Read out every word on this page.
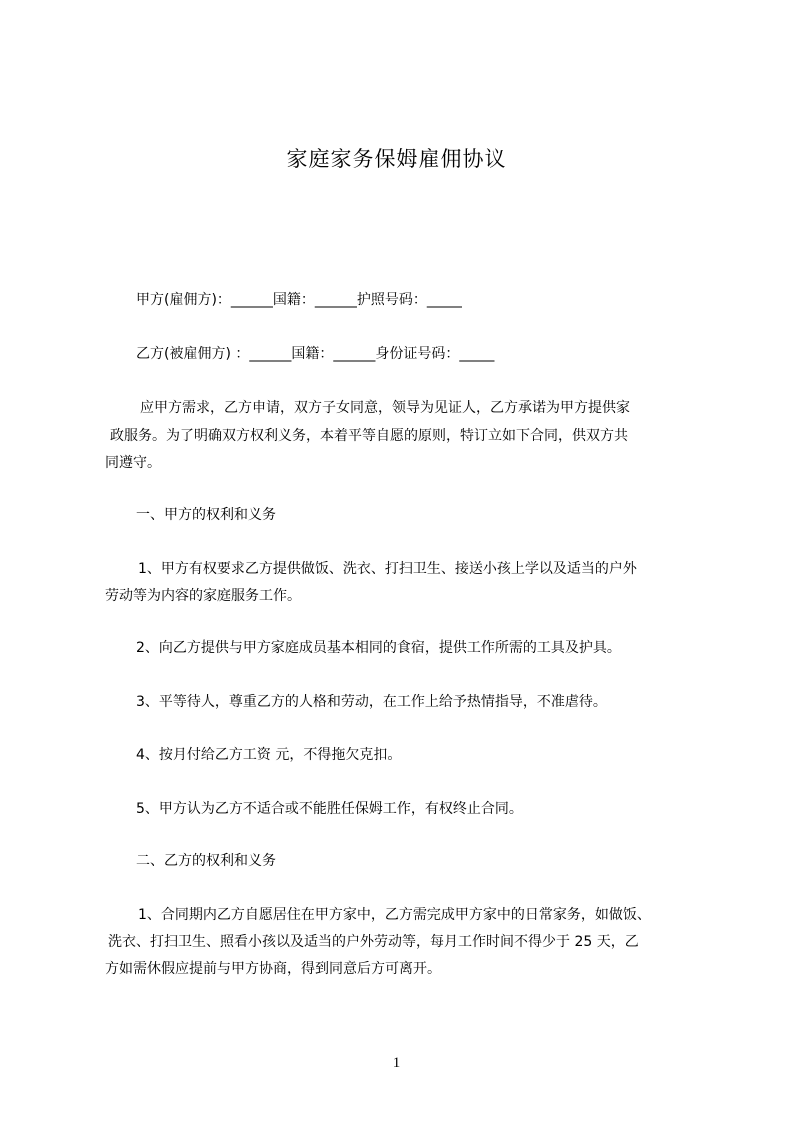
家庭家务保姆雇佣协议
甲方(雇佣方)：______国籍：______护照号码：_____
乙方(被雇佣方) ：______国籍：______身份证号码：_____
应甲方需求，乙方申请，双方子女同意，领导为见证人，乙方承诺为甲方提供家
政服务。为了明确双方权利义务，本着平等自愿的原则，特订立如下合同，供双方共
同遵守。
一、甲方的权利和义务
1、甲方有权要求乙方提供做饭、洗衣、打扫卫生、接送小孩上学以及适当的户外
劳动等为内容的家庭服务工作。
2、向乙方提供与甲方家庭成员基本相同的食宿，提供工作所需的工具及护具。
3、平等待人，尊重乙方的人格和劳动，在工作上给予热情指导，不准虐待。
4、按月付给乙方工资 元，不得拖欠克扣。
5、甲方认为乙方不适合或不能胜任保姆工作，有权终止合同。
二、乙方的权利和义务
1、合同期内乙方自愿居住在甲方家中，乙方需完成甲方家中的日常家务，如做饭、
洗衣、打扫卫生、照看小孩以及适当的户外劳动等，每月工作时间不得少于 25 天，乙
方如需休假应提前与甲方协商，得到同意后方可离开。
1
